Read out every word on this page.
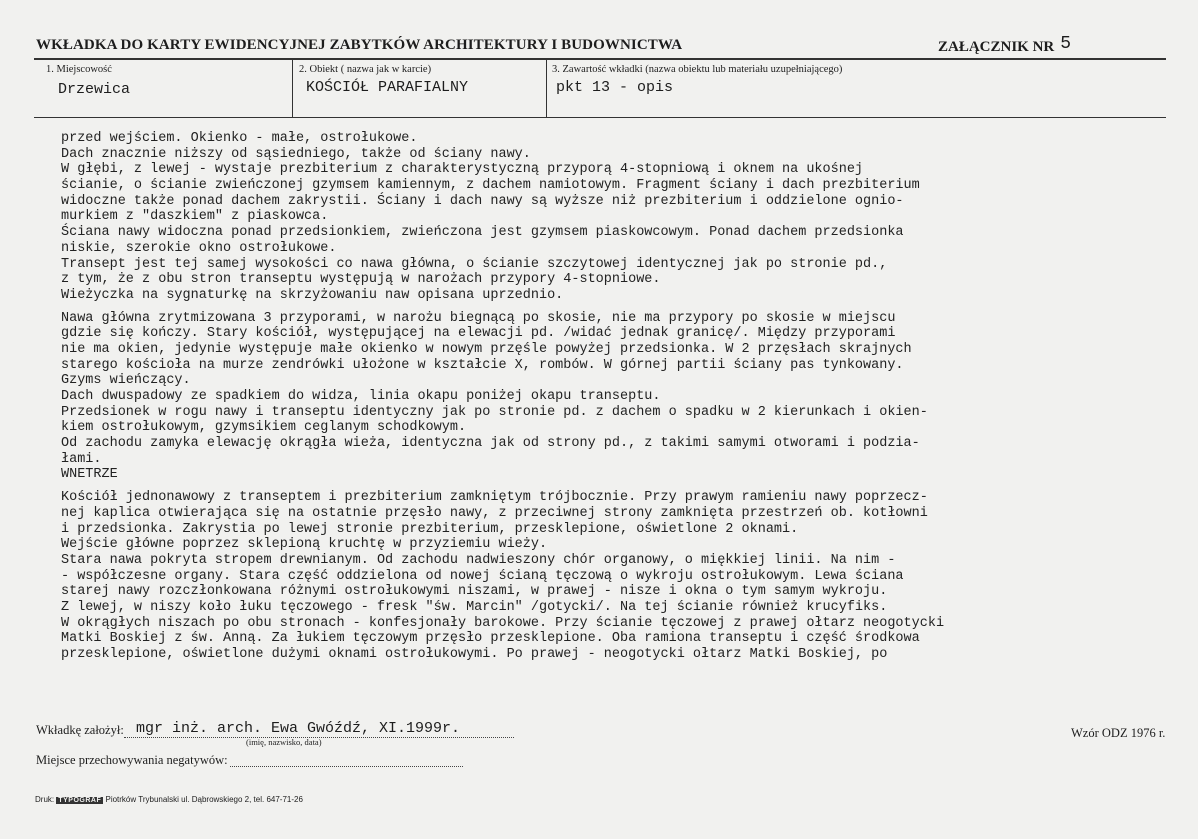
WKŁADKA DO KARTY EWIDENCYJNEJ ZABYTKÓW ARCHITEKTURY I BUDOWNICTWA	ZAŁĄCZNIK NR 5
1. Miejscowość
Drzewica
2. Obiekt ( nazwa jak w karcie)
KOŚCIÓŁ PARAFIALNY
3. Zawartość wkładki (nazwa obiektu lub materiału uzupełniającego)
pkt 13 - opis
przed wejściem. Okienko - małe, ostrołukowe.
Dach znacznie niższy od sąsiedniego, także od ściany nawy.
W głębi, z lewej - wystaje prezbiterium z charakterystyczną przyporą 4-stopniową i oknem na ukośnej
ścianie, o ścianie zwieńczonej gzymsem kamiennym, z dachem namiotowym. Fragment ściany i dach prezbiterium
widoczne także ponad dachem zakrystii. Ściany i dach nawy są wyższe niż prezbiterium i oddzielone ognio-
murkiem z "daszkiem" z piaskowca.
Ściana nawy widoczna ponad przedsionkiem, zwieńczona jest gzymsem piaskowcowym. Ponad dachem przedsionka
niskie, szerokie okno ostrołukowe.
Transept jest tej samej wysokości co nawa główna, o ścianie szczytowej identycznej jak po stronie pd.,
z tym, że z obu stron transeptu występują w narożach przypory 4-stopniowe.
Wieżyczka na sygnaturkę na skrzyżowaniu naw opisana uprzednio.
Nawa główna zrytmizowana 3 przyporami, w narożu biegnącą po skosie, nie ma przypory po skosie w miejscu
gdzie się kończy. Stary kościół, występującej na elewacji pd. /widać jednak granicę/. Między przyporami
nie ma okien, jedynie występuje małe okienko w nowym przęśle powyżej przedsionka. W 2 przęsłach skrajnych
starego kościoła na murze zendrówki ułożone w kształcie X, rombów. W górnej partii ściany pas tynkowany.
Gzyms wieńczący.
Dach dwuspadowy ze spadkiem do widza, linia okapu poniżej okapu transeptu.
Przedsionek w rogu nawy i transeptu identyczny jak po stronie pd. z dachem o spadku w 2 kierunkach i okien-
kiem ostrołukowym, gzymsikiem ceglanym schodkowym.
Od zachodu zamyka elewację okrągła wieża, identyczna jak od strony pd., z takimi samymi otworami i podzia-
łami.
WNETRZE
Kościół jednonawowy z transeptem i prezbiterium zamkniętym trójbocznie. Przy prawym ramieniu nawy poprzecz-
nej kaplica otwierająca się na ostatnie przęsło nawy, z przeciwnej strony zamknięta przestrzeń ob. kotłowni
i przedsionka. Zakrystia po lewej stronie prezbiterium, przesklepione, oświetlone 2 oknami.
Wejście główne poprzez sklepioną kruchtę w przyziemiu wieży.
Stara nawa pokryta stropem drewnianym. Od zachodu nadwieszony chór organowy, o miękkiej linii. Na nim -
- współczesne organy. Stara część oddzielona od nowej ścianą tęczową o wykroju ostrołukowym. Lewa ściana
starej nawy rozczłonkowana różnymi ostrołukowymi niszami, w prawej - nisze i okna o tym samym wykroju.
Z lewej, w niszy koło łuku tęczowego - fresk "św. Marcin" /gotycki/. Na tej ścianie również krucyfiks.
W okrągłych niszach po obu stronach - konfesjonały barokowe. Przy ścianie tęczowej z prawej ołtarz neogotycki
Matki Boskiej z św. Anną. Za łukiem tęczowym przęsło przesklepione. Oba ramiona transeptu i część środkowa
przesklepione, oświetlone dużymi oknami ostrołukowymi. Po prawej - neogotycki ołtarz Matki Boskiej, po
Wkładkę założył: mgr inż. arch. Ewa Gwóźdź, XI.1999r.
(imię, nazwisko, data)
Wzór ODZ 1976 r.
Miejsce przechowywania negatywów:
Druk: TYPOGRAF Piotrków Trybunalski ul. Dąbrowskiego 2, tel. 647-71-26
